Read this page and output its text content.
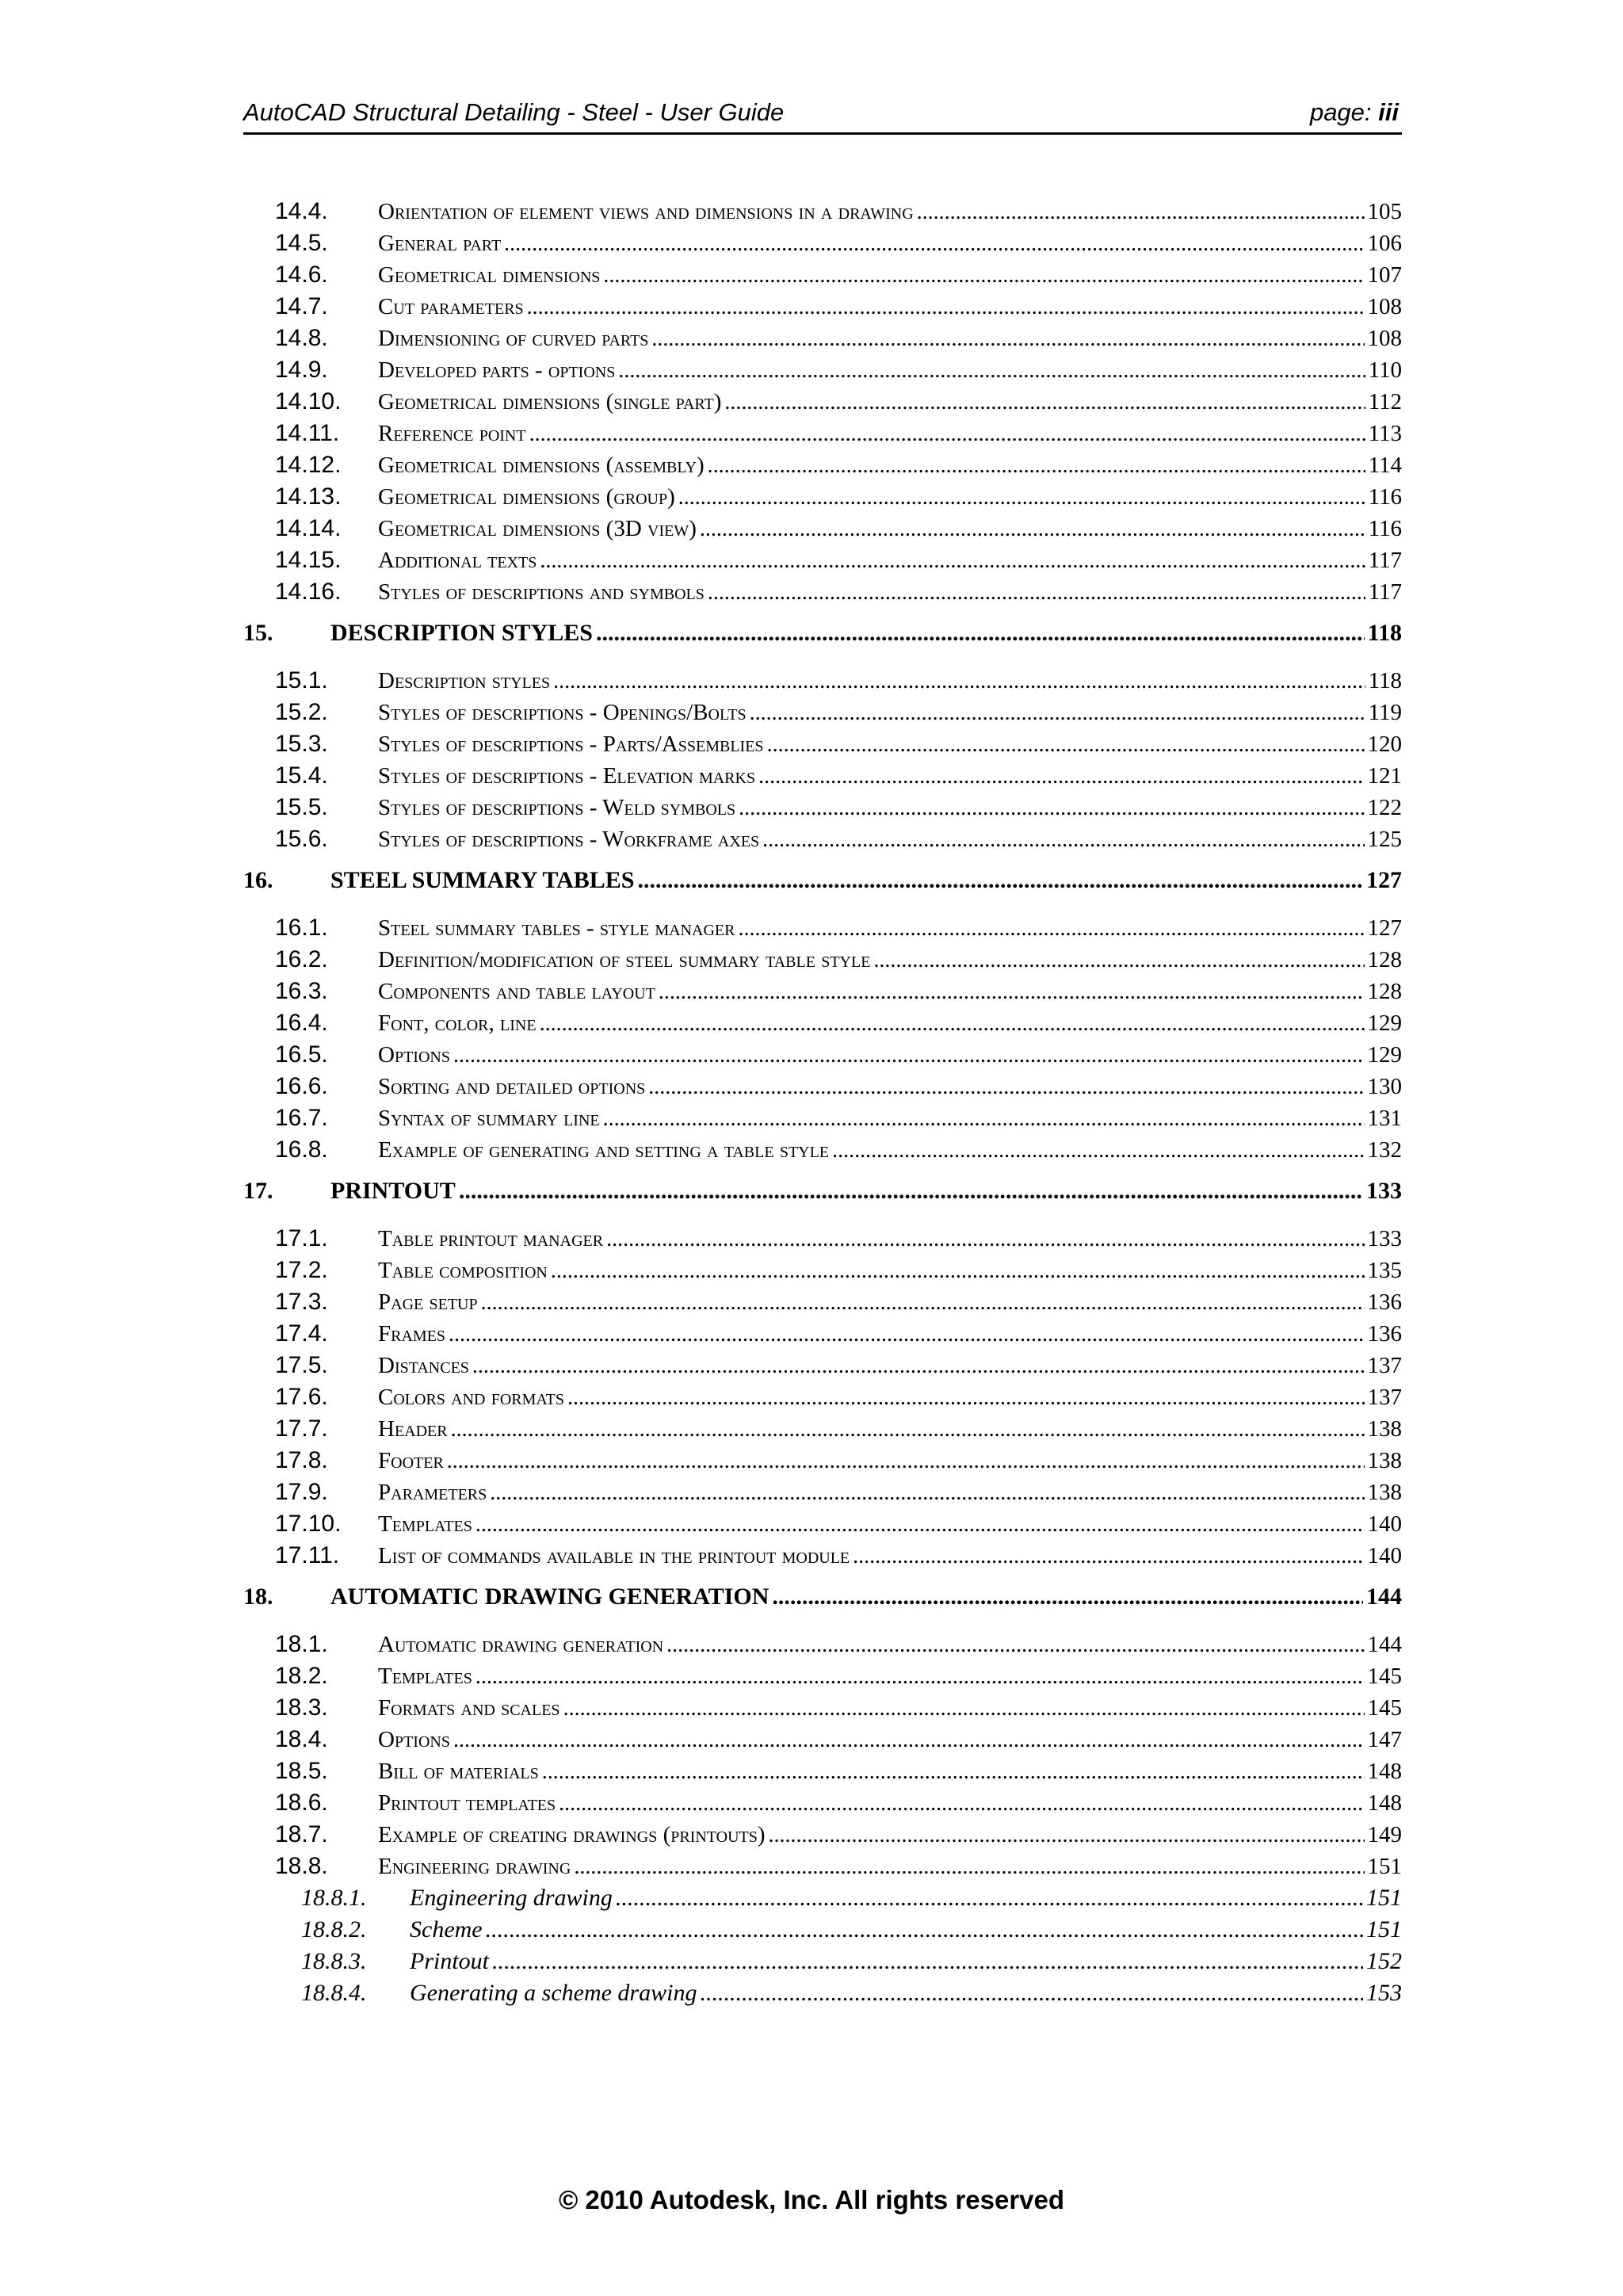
AutoCAD Structural Detailing - Steel - User Guide	page: iii
14.4.	Orientation of element views and dimensions in a drawing .....	105
14.5.	General part .....	106
14.6.	Geometrical dimensions .....	107
14.7.	Cut parameters .....	108
14.8.	Dimensioning of curved parts .....	108
14.9.	Developed parts - options .....	110
14.10.	Geometrical dimensions (single part) .....	112
14.11.	Reference point .....	113
14.12.	Geometrical dimensions (assembly) .....	114
14.13.	Geometrical dimensions (group) .....	116
14.14.	Geometrical dimensions (3D view) .....	116
14.15.	Additional texts .....	117
14.16.	Styles of descriptions and symbols .....	117
15.	DESCRIPTION STYLES .....	118
15.1.	Description styles .....	118
15.2.	Styles of descriptions - Openings/Bolts .....	119
15.3.	Styles of descriptions - Parts/Assemblies .....	120
15.4.	Styles of descriptions - Elevation marks .....	121
15.5.	Styles of descriptions - Weld symbols .....	122
15.6.	Styles of descriptions - Workframe axes .....	125
16.	STEEL SUMMARY TABLES .....	127
16.1.	Steel summary tables - style manager .....	127
16.2.	Definition/modification of steel summary table style .....	128
16.3.	Components and table layout .....	128
16.4.	Font, color, line .....	129
16.5.	Options .....	129
16.6.	Sorting and detailed options .....	130
16.7.	Syntax of summary line .....	131
16.8.	Example of generating and setting a table style .....	132
17.	PRINTOUT .....	133
17.1.	Table printout manager .....	133
17.2.	Table composition .....	135
17.3.	Page setup .....	136
17.4.	Frames .....	136
17.5.	Distances .....	137
17.6.	Colors and formats .....	137
17.7.	Header .....	138
17.8.	Footer .....	138
17.9.	Parameters .....	138
17.10.	Templates .....	140
17.11.	List of commands available in the printout module .....	140
18.	AUTOMATIC DRAWING GENERATION .....	144
18.1.	Automatic drawing generation .....	144
18.2.	Templates .....	145
18.3.	Formats and scales .....	145
18.4.	Options .....	147
18.5.	Bill of materials .....	148
18.6.	Printout templates .....	148
18.7.	Example of creating drawings (printouts) .....	149
18.8.	Engineering drawing .....	151
18.8.1.	Engineering drawing .....	151
18.8.2.	Scheme .....	151
18.8.3.	Printout .....	152
18.8.4.	Generating a scheme drawing .....	153
© 2010 Autodesk, Inc. All rights reserved
